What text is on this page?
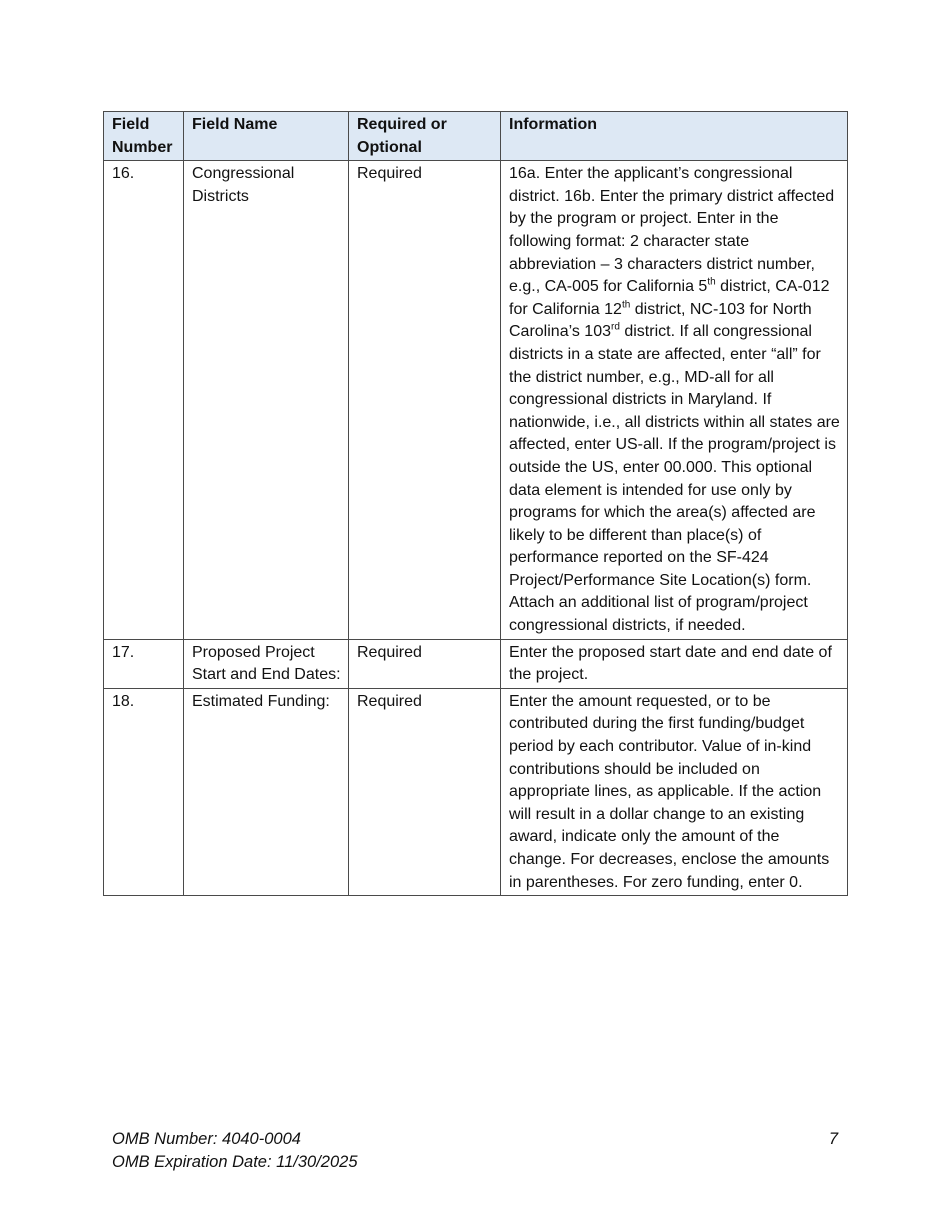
Field Number	Field Name	Required or Optional	Information
16.	Congressional Districts	Required	16a. Enter the applicant’s congressional district. 16b. Enter the primary district affected by the program or project. Enter in the following format: 2 character state abbreviation – 3 characters district number, e.g., CA-005 for California 5th district, CA-012 for California 12th district, NC-103 for North Carolina’s 103rd district. If all congressional districts in a state are affected, enter “all” for the district number, e.g., MD-all for all congressional districts in Maryland. If nationwide, i.e., all districts within all states are affected, enter US-all. If the program/project is outside the US, enter 00.000. This optional data element is intended for use only by programs for which the area(s) affected are likely to be different than place(s) of performance reported on the SF-424 Project/Performance Site Location(s) form. Attach an additional list of program/project congressional districts, if needed.
17.	Proposed Project Start and End Dates:	Required	Enter the proposed start date and end date of the project.
18.	Estimated Funding:	Required	Enter the amount requested, or to be contributed during the first funding/budget period by each contributor. Value of in-kind contributions should be included on appropriate lines, as applicable. If the action will result in a dollar change to an existing award, indicate only the amount of the change. For decreases, enclose the amounts in parentheses. For zero funding, enter 0.
OMB Number: 4040-0004
OMB Expiration Date: 11/30/2025
7
